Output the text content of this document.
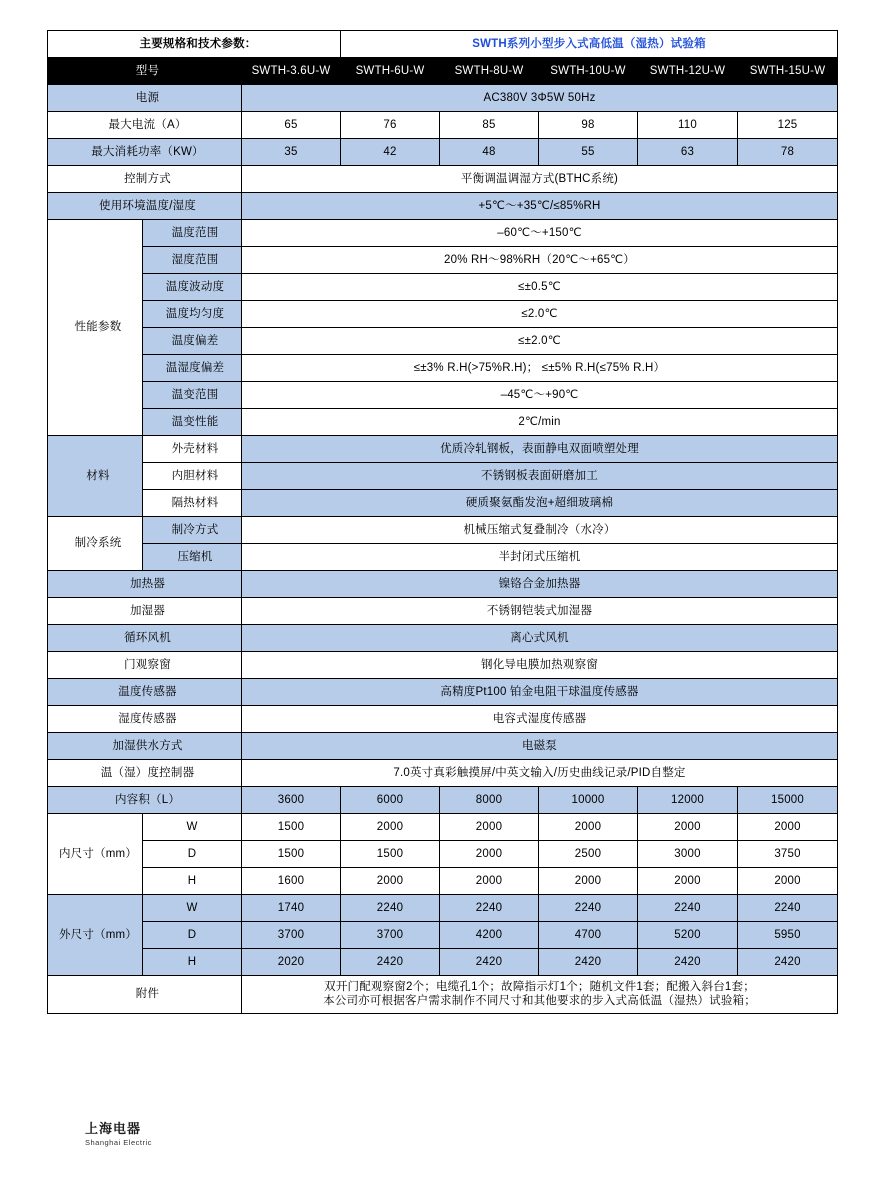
主要规格和技术参数：			SWTH系列小型步入式高低温（湿热）试验箱				
型号		SWTH-3.6U-W	SWTH-6U-W	SWTH-8U-W	SWTH-10U-W	SWTH-12U-W	SWTH-15U-W
电源		AC380V 3Φ5W 50Hz					
最大电流（A）		65	76	85	98	110	125
最大消耗功率（KW）		35	42	48	55	63	78
控制方式		平衡调温调湿方式(BTHC系统)					
使用环境温度/湿度		+5℃～+35℃/≤85%RH					
性能参数	温度范围	–60℃～+150℃					
	湿度范围	20% RH～98%RH（20℃～+65℃）					
	温度波动度	≤±0.5℃					
	温度均匀度	≤2.0℃					
	温度偏差	≤±2.0℃					
	温湿度偏差	≤±3% R.H(>75%R.H)； ≤±5% R.H(≤75% R.H）					
	温变范围	–45℃～+90℃					
	温变性能	2℃/min					
材料	外壳材料	优质冷轧钢板，表面静电双面喷塑处理					
	内胆材料	不锈钢板表面研磨加工					
	隔热材料	硬质聚氨酯发泡+超细玻璃棉					
制冷系统	制冷方式	机械压缩式复叠制冷（水冷）					
	压缩机	半封闭式压缩机					
加热器		镍铬合金加热器					
加湿器		不锈钢铠装式加湿器					
循环风机		离心式风机					
门观察窗		钢化导电膜加热观察窗					
温度传感器		高精度Pt100 铂金电阻干球温度传感器					
湿度传感器		电容式湿度传感器					
加湿供水方式		电磁泵					
温（湿）度控制器		7.0英寸真彩触摸屏/中英文输入/历史曲线记录/PID自整定					
内容积（L）		3600	6000	8000	10000	12000	15000
内尺寸（mm）	W	1500	2000	2000	2000	2000	2000
	D	1500	1500	2000	2500	3000	3750
	H	1600	2000	2000	2000	2000	2000
外尺寸（mm）	W	1740	2240	2240	2240	2240	2240
	D	3700	3700	4200	4700	5200	5950
	H	2020	2420	2420	2420	2420	2420
附件		双开门配观察窗2个；电缆孔1个；故障指示灯1个；随机文件1套；配搬入斜台1套；
本公司亦可根据客户需求制作不同尺寸和其他要求的步入式高低温（湿热）试验箱；					
上海电器
Shanghai Electric
